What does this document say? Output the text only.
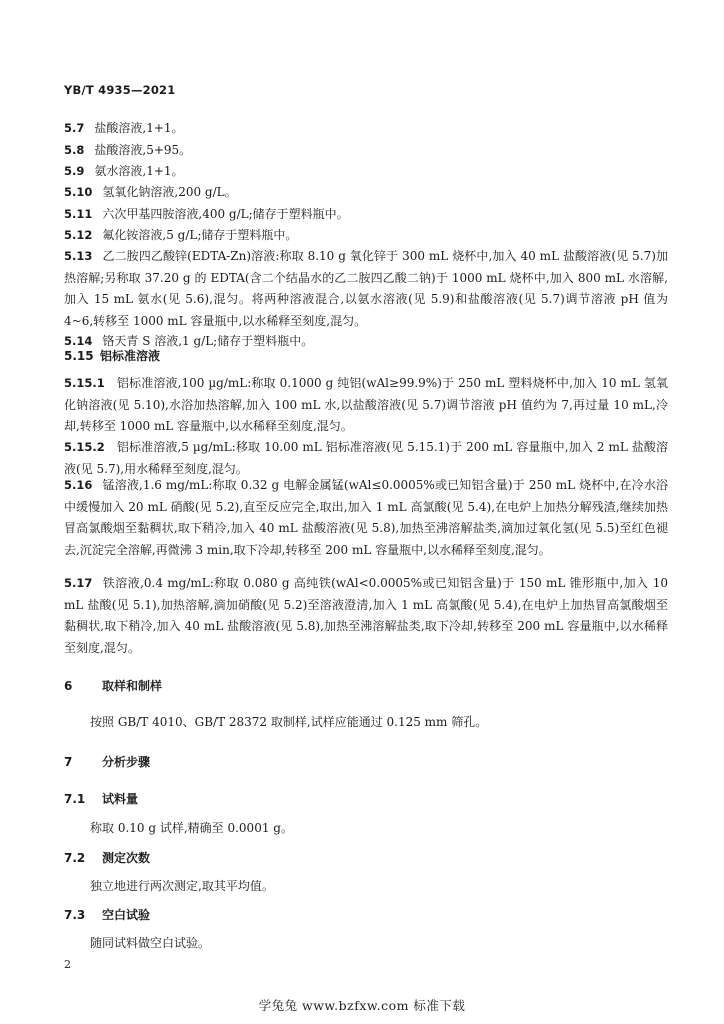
YB/T 4935—2021
5.7 盐酸溶液,1+1。
5.8 盐酸溶液,5+95。
5.9 氨水溶液,1+1。
5.10 氢氧化钠溶液,200 g/L。
5.11 六次甲基四胺溶液,400 g/L;储存于塑料瓶中。
5.12 氟化铵溶液,5 g/L;储存于塑料瓶中。
5.13 乙二胺四乙酸锌(EDTA-Zn)溶液:称取 8.10 g 氧化锌于 300 mL 烧杯中,加入 40 mL 盐酸溶液(见 5.7)加热溶解;另称取 37.20 g 的 EDTA(含二个结晶水的乙二胺四乙酸二钠)于 1000 mL 烧杯中,加入 800 mL 水溶解,加入 15 mL 氨水(见 5.6),混匀。将两种溶液混合,以氨水溶液(见 5.9)和盐酸溶液(见 5.7)调节溶液 pH 值为 4~6,转移至 1000 mL 容量瓶中,以水稀释至刻度,混匀。
5.14 铬天青 S 溶液,1 g/L;储存于塑料瓶中。
5.15 铝标准溶液
5.15.1 铝标准溶液,100 µg/mL:称取 0.1000 g 纯铝(wAl≥99.9%)于 250 mL 塑料烧杯中,加入 10 mL 氢氧化钠溶液(见 5.10),水浴加热溶解,加入 100 mL 水,以盐酸溶液(见 5.7)调节溶液 pH 值约为 7,再过量 10 mL,冷却,转移至 1000 mL 容量瓶中,以水稀释至刻度,混匀。
5.15.2 铝标准溶液,5 µg/mL:移取 10.00 mL 铝标准溶液(见 5.15.1)于 200 mL 容量瓶中,加入 2 mL 盐酸溶液(见 5.7),用水稀释至刻度,混匀。
5.16 锰溶液,1.6 mg/mL:称取 0.32 g 电解金属锰(wAl≤0.0005%或已知铝含量)于 250 mL 烧杯中,在冷水浴中缓慢加入 20 mL 硝酸(见 5.2),直至反应完全,取出,加入 1 mL 高氯酸(见 5.4),在电炉上加热分解残渣,继续加热冒高氯酸烟至黏稠状,取下稍冷,加入 40 mL 盐酸溶液(见 5.8),加热至沸溶解盐类,滴加过氧化氢(见 5.5)至红色褪去,沉淀完全溶解,再微沸 3 min,取下冷却,转移至 200 mL 容量瓶中,以水稀释至刻度,混匀。
5.17 铁溶液,0.4 mg/mL:称取 0.080 g 高纯铁(wAl<0.0005%或已知铝含量)于 150 mL 锥形瓶中,加入 10 mL 盐酸(见 5.1),加热溶解,滴加硝酸(见 5.2)至溶液澄清,加入 1 mL 高氯酸(见 5.4),在电炉上加热冒高氯酸烟至黏稠状,取下稍冷,加入 40 mL 盐酸溶液(见 5.8),加热至沸溶解盐类,取下冷却,转移至 200 mL 容量瓶中,以水稀释至刻度,混匀。
6 取样和制样
按照 GB/T 4010、GB/T 28372 取制样,试样应能通过 0.125 mm 筛孔。
7 分析步骤
7.1 试料量
称取 0.10 g 试样,精确至 0.0001 g。
7.2 测定次数
独立地进行两次测定,取其平均值。
7.3 空白试验
随同试料做空白试验。
2
学兔兔 www.bzfxw.com 标准下载
